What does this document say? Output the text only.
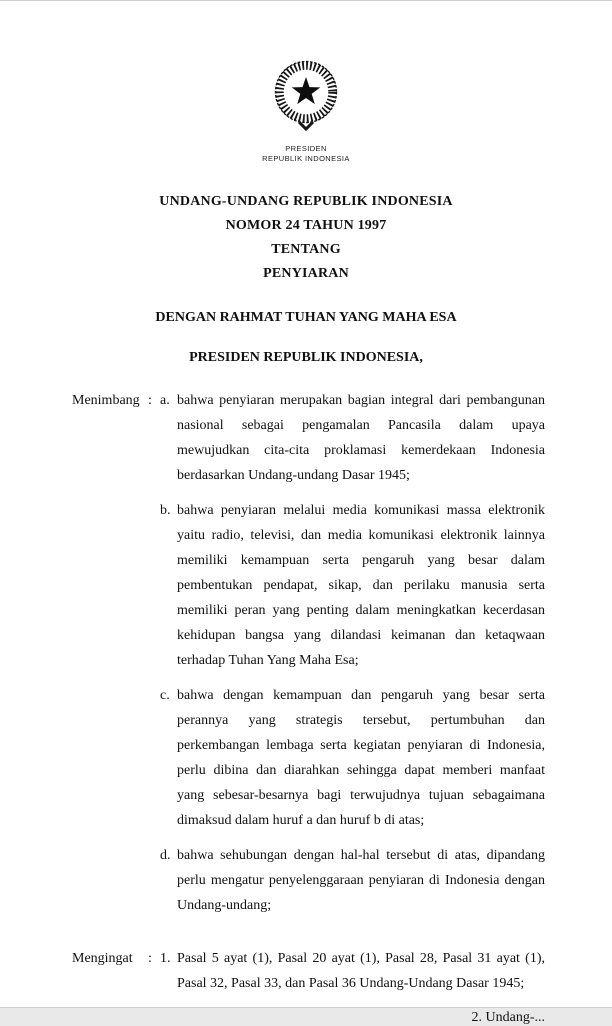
PRESIDEN
REPUBLIK INDONESIA
UNDANG-UNDANG REPUBLIK INDONESIA
NOMOR 24 TAHUN 1997
TENTANG
PENYIARAN
DENGAN RAHMAT TUHAN YANG MAHA ESA
PRESIDEN REPUBLIK INDONESIA,
Menimbang : a. bahwa penyiaran merupakan bagian integral dari pembangunan nasional sebagai pengamalan Pancasila dalam upaya mewujudkan cita-cita proklamasi kemerdekaan Indonesia berdasarkan Undang-undang Dasar 1945;
b. bahwa penyiaran melalui media komunikasi massa elektronik yaitu radio, televisi, dan media komunikasi elektronik lainnya memiliki kemampuan serta pengaruh yang besar dalam pembentukan pendapat, sikap, dan perilaku manusia serta memiliki peran yang penting dalam meningkatkan kecerdasan kehidupan bangsa yang dilandasi keimanan dan ketaqwaan terhadap Tuhan Yang Maha Esa;
c. bahwa dengan kemampuan dan pengaruh yang besar serta perannya yang strategis tersebut, pertumbuhan dan perkembangan lembaga serta kegiatan penyiaran di Indonesia, perlu dibina dan diarahkan sehingga dapat memberi manfaat yang sebesar-besarnya bagi terwujudnya tujuan sebagaimana dimaksud dalam huruf a dan huruf b di atas;
d. bahwa sehubungan dengan hal-hal tersebut di atas, dipandang perlu mengatur penyelenggaraan penyiaran di Indonesia dengan Undang-undang;
Mengingat	: 1. Pasal 5 ayat (1), Pasal 20 ayat (1), Pasal 28, Pasal 31 ayat (1), Pasal 32, Pasal 33, dan Pasal 36 Undang-Undang Dasar 1945;
2. Undang-...
